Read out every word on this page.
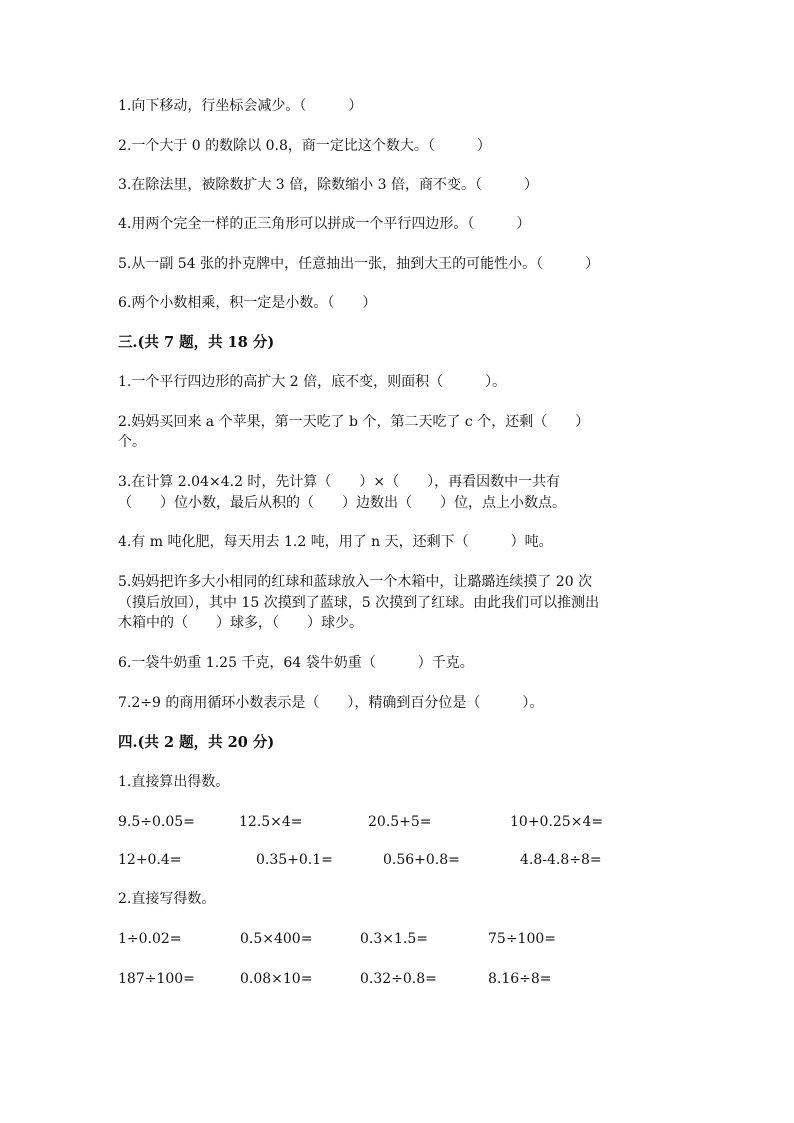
1.向下移动，行坐标会减少。（　　　）
2.一个大于 0 的数除以 0.8，商一定比这个数大。（　　　）
3.在除法里，被除数扩大 3 倍，除数缩小 3 倍，商不变。（　　　）
4.用两个完全一样的正三角形可以拼成一个平行四边形。（　　　）
5.从一副 54 张的扑克牌中，任意抽出一张，抽到大王的可能性小。（　　　）
6.两个小数相乘，积一定是小数。（　　）
三.(共 7 题，共 18 分)
1.一个平行四边形的高扩大 2 倍，底不变，则面积（　　　）。
2.妈妈买回来 a 个苹果，第一天吃了 b 个，第二天吃了 c 个，还剩（　　）
个。
3.在计算 2.04×4.2 时，先计算（　　）×（　　），再看因数中一共有
（　　）位小数，最后从积的（　　）边数出（　　）位，点上小数点。
4.有 m 吨化肥，每天用去 1.2 吨，用了 n 天，还剩下（　　　）吨。
5.妈妈把许多大小相同的红球和蓝球放入一个木箱中，让璐璐连续摸了 20 次
（摸后放回），其中 15 次摸到了蓝球，5 次摸到了红球。由此我们可以推测出
木箱中的（　　）球多，（　　）球少。
6.一袋牛奶重 1.25 千克，64 袋牛奶重（　　　）千克。
7.2÷9 的商用循环小数表示是（　　），精确到百分位是（　　　）。
四.(共 2 题，共 20 分)
1.直接算出得数。
9.5÷0.05=	12.5×4=	20.5+5=	10+0.25×4=
12+0.4=	0.35+0.1=	0.56+0.8=	4.8-4.8÷8=
2.直接写得数。
1÷0.02=	0.5×400=	0.3×1.5=	75÷100=
187÷100=	0.08×10=	0.32÷0.8=	8.16÷8=
